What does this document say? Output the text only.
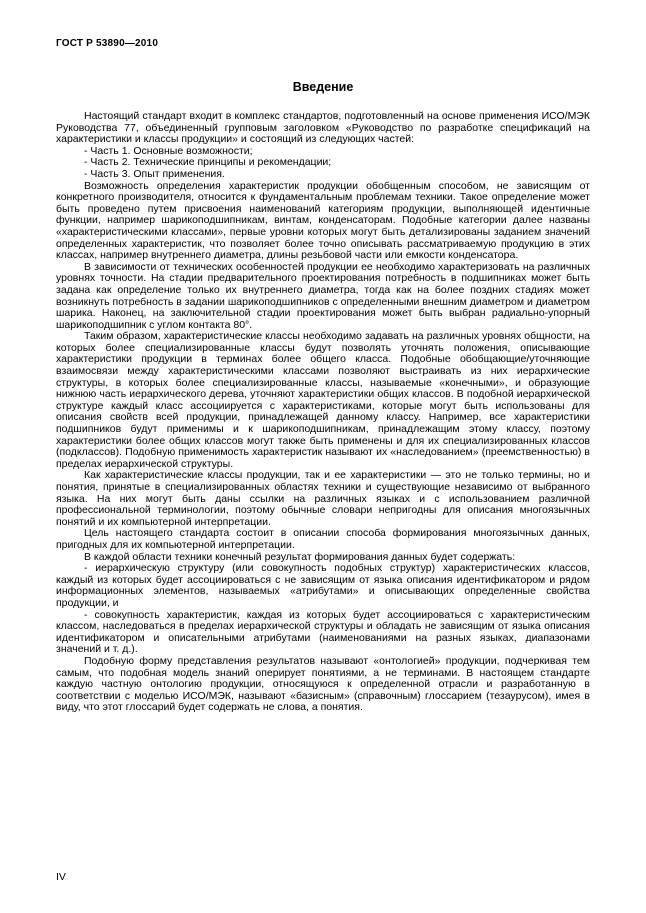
ГОСТ Р 53890—2010
Введение

Настоящий стандарт входит в комплекс стандартов, подготовленный на основе применения ИСО/МЭК Руководства 77, объединенный групповым заголовком «Руководство по разработке спецификаций на характеристики и классы продукции» и состоящий из следующих частей:

- Часть 1. Основные возможности;

- Часть 2. Технические принципы и рекомендации;

- Часть 3. Опыт применения.

Возможность определения характеристик продукции обобщенным способом, не зависящим от конкретного производителя, относится к фундаментальным проблемам техники. Такое определение может быть проведено путем присвоения наименований категориям продукции, выполняющей идентичные функции, например шарикоподшипникам, винтам, конденсаторам. Подобные категории далее названы «характеристическими классами», первые уровни которых могут быть детализированы заданием значений определенных характеристик, что позволяет более точно описывать рассматриваемую продукцию в этих классах, например внутреннего диаметра, длины резьбовой части или емкости конденсатора.

В зависимости от технических особенностей продукции ее необходимо характеризовать на различных уровнях точности. На стадии предварительного проектирования потребность в подшипниках может быть задана как определение только их внутреннего диаметра, тогда как на более поздних стадиях может возникнуть потребность в задании шарикоподшипников с определенными внешним диаметром и диаметром шарика. Наконец, на заключительной стадии проектирования может быть выбран радиально-упорный шарикоподшипник с углом контакта 80°.

Таким образом, характеристические классы необходимо задавать на различных уровнях общности, на которых более специализированные классы будут позволять уточнять положения, описывающие характеристики продукции в терминах более общего класса. Подобные обобщающие/уточняющие взаимосвязи между характеристическими классами позволяют выстраивать из них иерархические структуры, в которых более специализированные классы, называемые «конечными», и образующие нижнюю часть иерархического дерева, уточняют характеристики общих классов. В подобной иерархической структуре каждый класс ассоциируется с характеристиками, которые могут быть использованы для описания свойств всей продукции, принадлежащей данному классу. Например, все характеристики подшипников будут применимы и к шарикоподшипникам, принадлежащим этому классу, поэтому характеристики более общих классов могут также быть применены и для их специализированных классов (подклассов). Подобную применимость характеристик называют их «наследованием» (преемственностью) в пределах иерархической структуры.

Как характеристические классы продукции, так и ее характеристики — это не только термины, но и понятия, принятые в специализированных областях техники и существующие независимо от выбранного языка. На них могут быть даны ссылки на различных языках и с использованием различной профессиональной терминологии, поэтому обычные словари непригодны для описания многоязычных понятий и их компьютерной интерпретации.

Цель настоящего стандарта состоит в описании способа формирования многоязычных данных, пригодных для их компьютерной интерпретации.

В каждой области техники конечный результат формирования данных будет содержать:

- иерархическую структуру (или совокупность подобных структур) характеристических классов, каждый из которых будет ассоциироваться с не зависящим от языка описания идентификатором и рядом информационных элементов, называемых «атрибутами» и описывающих определенные свойства продукции, и

- совокупность характеристик, каждая из которых будет ассоциироваться с характеристическим классом, наследоваться в пределах иерархической структуры и обладать не зависящим от языка описания идентификатором и описательными атрибутами (наименованиями на разных языках, диапазонами значений и т. д.).

Подобную форму представления результатов называют «онтологией» продукции, подчеркивая тем самым, что подобная модель знаний оперирует понятиями, а не терминами. В настоящем стандарте каждую частную онтологию продукции, относящуюся к определенной отрасли и разработанную в соответствии с моделью ИСО/МЭК, называют «базисным» (справочным) глоссарием (тезаурусом), имея в виду, что этот глоссарий будет содержать не слова, а понятия.

IV
